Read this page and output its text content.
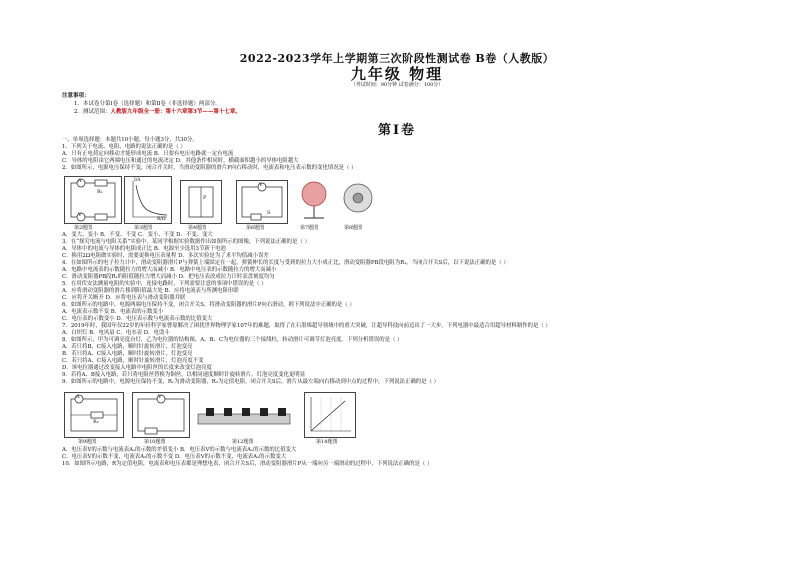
2022-2023学年上学期第三次阶段性测试卷 B卷（人教版）
九年级 物理
（考试时间：90分钟 试卷满分：100分）
注意事项：
1．本试卷分第Ⅰ卷（选择题）和第Ⅱ卷（非选择题）两部分。
2．测试范围：人教版九年级全一册：第十六章第3节——第十七章。
第Ⅰ卷
一、单项选择题：本题共10小题，每小题3分，共30分。
1．下列关于电流、电阻、电路的说法正确的是（ ）
A．只有正电荷定向移动才能形成电流 B．只要有电压电路就一定有电流
C．导体的电阻由它两端电压和通过的电流决定 D．其他条件相同时，横截面积越小的导体电阻越大
2．如图所示，电源电压保持不变，闭合开关时，当滑动变阻器的滑片P向右移动时，电流表和电压表示数的变化情况是（ ）
A
V
R₁
I/A
R/Ω
P
V
S
第2题图	第3题图	第4题图	第6题图	第7题图	第8题图
A．变大、变小 B．不变、不变 C．变小、不变 D．不变、变大
3．在“探究电流与电阻关系”实验中，某同学根据实验数据作出如图所示的图像，下列说法正确的是（ ）
A．导体中的电流与导体的电阻成正比 B．电源至少选用3节新干电池
C．换用2Ω电阻做实验时，需要更换电压表量程 D．多次实验是为了求平均值减小误差
4．在如图所示的电子拉力计中，滑动变阻器滑片P与弹簧上端固定在一起，弹簧伸长的长度与受到的拉力大小成正比，滑动变阻器PB段电阻为R₁，当闭合开关S后，以下说法正确的是（ ）
A．电路中电流表的示数随拉力的增大而减小 B．电路中电压表的示数随拉力的增大而减小
C．滑动变阻器PB段R₁的阻值随拉力增大而减小 D．把电压表改成拉力计时表盘刻度均匀
5．在用伏安法测量电阻的实验中，连接电路时，下列需要注意的事项中错误的是（ ）
A．应将滑动变阻器的滑片移到阻值最大处 B．应将电流表与所测电阻串联
C．应将开关断开 D．应将电压表与滑动变阻器并联
6．如图所示的电路中，电源两端电压保持不变，闭合开关S，将滑动变阻器的滑片P向右滑动，则下列说法中正确的是（ ）
A．电流表示数不变 B．电流表的示数变小
C．电压表的示数变小 D．电压表示数与电流表示数的比值变大
7．2019年时，我国年仅22岁的年轻科学家曹原解决了困扰世界物理学家107年的难题，取得了在石墨烯超导领域中的重大突破，让超导科技向前迈出了一大步。下列电器中最适合用超导材料制作的是（ ）
A．白炽灯 B．电风扇 C．电水壶 D．电烫斗
8．如图所示，甲为可调亮度台灯，乙为电位器的结构图，A、B、C为电位器的三个接线柱，转动滑片可调节灯泡亮度。下列分析错误的是（ ）
A．若只将B、C接入电路，顺时针旋转滑片，灯泡变亮
B．若只将A、C接入电路，顺时针旋转滑片，灯泡变亮
C．若只将A、C接入电路，顺时针旋转滑片，灯泡亮度不变
D．该电位器通过改变接入电路中电阻丝的长度来改变灯泡亮度
9．若将A、B接入电路，若只将电阻丝替换为铜丝，以相同速度顺时针旋转滑片，灯泡亮度变化更明显
9．如图所示的电路中，电源电压保持不变，R₁为滑动变阻器，R₂为定值电阻。闭合开关S后，滑片从最左端向右移动到中点的过程中，下列说法正确的是（ ）
A
R₂
V
第9题图	第10题图	第12题图	第14题图
A．电压表V的示数与电流表A₁的示数的差值变小 B．电压表V的示数与电流表A₁的示数的比值变大
C．电压表V的示数不变，电流表A₂的示数不变 D．电压表V的示数不变，电流表A₁的示数变大
10．如图所示电路，R为定值电阻，电流表和电压表都是理想电表，闭合开关S后，滑动变阻器滑片P从一端向另一端滑动的过程中，下列说法正确的是（ ）
